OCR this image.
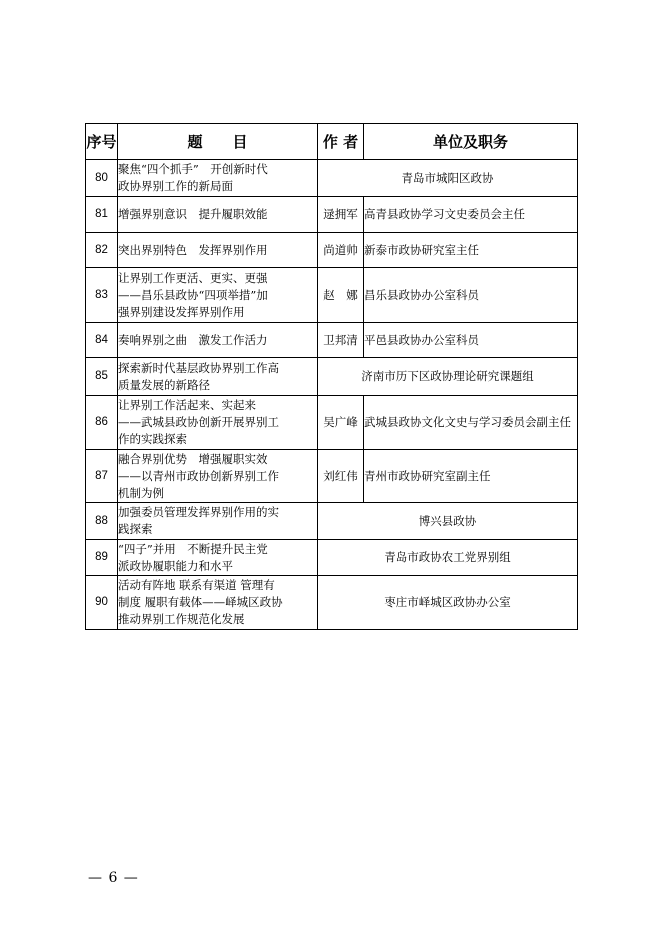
序号	题　　目	作 者	单位及职务
80	聚焦“四个抓手”　开创新时代
政协界别工作的新局面	青岛市城阳区政协	
81	增强界别意识　提升履职效能	逯拥军	高青县政协学习文史委员会主任
82	突出界别特色　发挥界别作用	尚道帅	新泰市政协研究室主任
83	让界别工作更活、更实、更强
——昌乐县政协“四项举措”加
强界别建设发挥界别作用	赵　娜	昌乐县政协办公室科员
84	奏响界别之曲　激发工作活力	卫邦清	平邑县政协办公室科员
85	探索新时代基层政协界别工作高
质量发展的新路径	济南市历下区政协理论研究课题组	
86	让界别工作活起来、实起来
——武城县政协创新开展界别工
作的实践探索	吴广峰	武城县政协文化文史与学习委员会副主任
87	融合界别优势　增强履职实效
——以青州市政协创新界别工作
机制为例	刘红伟	青州市政协研究室副主任
88	加强委员管理发挥界别作用的实
践探索	博兴县政协	
89	“四子”并用　不断提升民主党
派政协履职能力和水平	青岛市政协农工党界别组	
90	活动有阵地 联系有渠道 管理有
制度 履职有载体——峄城区政协
推动界别工作规范化发展	枣庄市峄城区政协办公室	
— 6 —
